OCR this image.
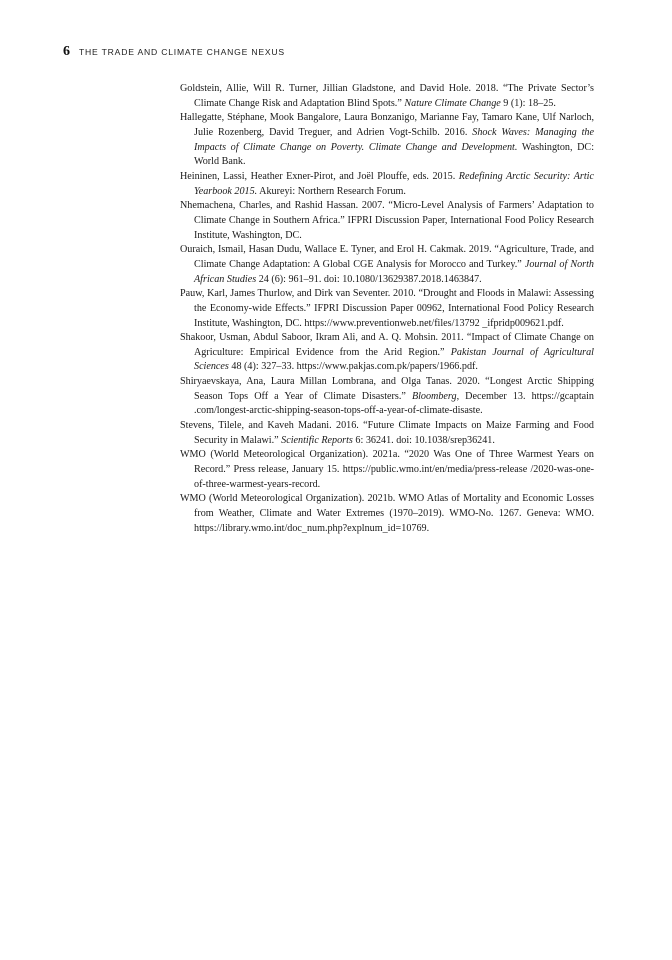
6 THE TRADE AND CLIMATE CHANGE NEXUS
Goldstein, Allie, Will R. Turner, Jillian Gladstone, and David Hole. 2018. “The Private Sector’s Climate Change Risk and Adaptation Blind Spots.” Nature Climate Change 9 (1): 18–25.
Hallegatte, Stéphane, Mook Bangalore, Laura Bonzanigo, Marianne Fay, Tamaro Kane, Ulf Narloch, Julie Rozenberg, David Treguer, and Adrien Vogt-Schilb. 2016. Shock Waves: Managing the Impacts of Climate Change on Poverty. Climate Change and Development. Washington, DC: World Bank.
Heininen, Lassi, Heather Exner-Pirot, and Joël Plouffe, eds. 2015. Redefining Arctic Security: Artic Yearbook 2015. Akureyi: Northern Research Forum.
Nhemachena, Charles, and Rashid Hassan. 2007. “Micro-Level Analysis of Farmers’ Adaptation to Climate Change in Southern Africa.” IFPRI Discussion Paper, International Food Policy Research Institute, Washington, DC.
Ouraich, Ismail, Hasan Dudu, Wallace E. Tyner, and Erol H. Cakmak. 2019. “Agriculture, Trade, and Climate Change Adaptation: A Global CGE Analysis for Morocco and Turkey.” Journal of North African Studies 24 (6): 961–91. doi: 10.1080/13629387.2018.1463847.
Pauw, Karl, James Thurlow, and Dirk van Seventer. 2010. “Drought and Floods in Malawi: Assessing the Economy-wide Effects.” IFPRI Discussion Paper 00962, International Food Policy Research Institute, Washington, DC. https://www.preventionweb.net/files/13792 _ifpridp009621.pdf.
Shakoor, Usman, Abdul Saboor, Ikram Ali, and A. Q. Mohsin. 2011. “Impact of Climate Change on Agriculture: Empirical Evidence from the Arid Region.” Pakistan Journal of Agricultural Sciences 48 (4): 327–33. https://www.pakjas.com.pk/papers/1966.pdf.
Shiryaevskaya, Ana, Laura Millan Lombrana, and Olga Tanas. 2020. “Longest Arctic Shipping Season Tops Off a Year of Climate Disasters.” Bloomberg, December 13. https://gcaptain .com/longest-arctic-shipping-season-tops-off-a-year-of-climate-disaste.
Stevens, Tilele, and Kaveh Madani. 2016. “Future Climate Impacts on Maize Farming and Food Security in Malawi.” Scientific Reports 6: 36241. doi: 10.1038/srep36241.
WMO (World Meteorological Organization). 2021a. “2020 Was One of Three Warmest Years on Record.” Press release, January 15. https://public.wmo.int/en/media/press-release /2020-was-one-of-three-warmest-years-record.
WMO (World Meteorological Organization). 2021b. WMO Atlas of Mortality and Economic Losses from Weather, Climate and Water Extremes (1970–2019). WMO-No. 1267. Geneva: WMO. https://library.wmo.int/doc_num.php?explnum_id=10769.
